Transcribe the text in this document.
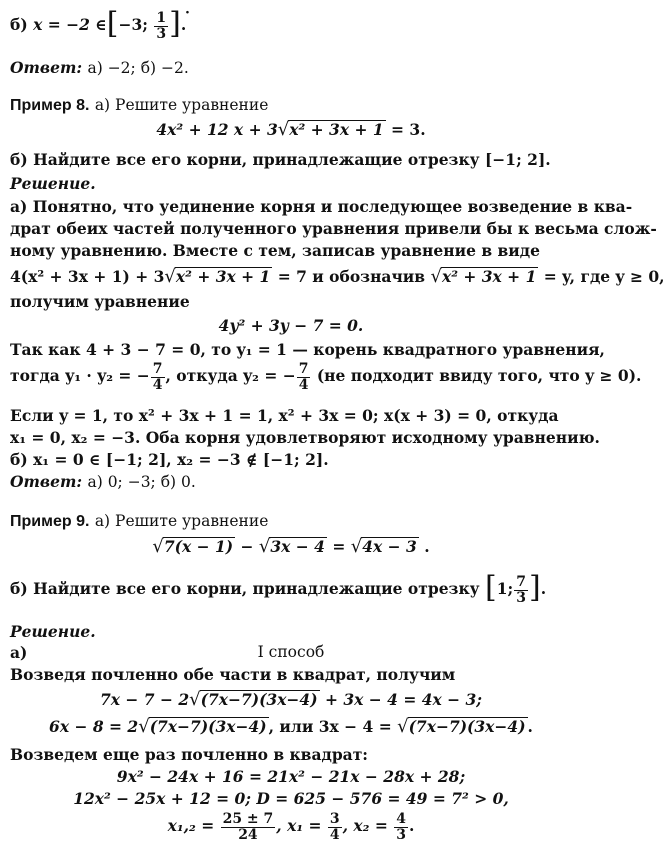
б) x = −2 ∈[−3; $\frac{1}{3}$ ].
·
Ответ: а) −2; б) −2.
Пример 8. а) Решите уравнение
4x² + 12 x + 3√x² + 3x + 1 = 3.
б) Найдите все его корни, принадлежащие отрезку [−1; 2].
Решение.
а) Понятно, что уединение корня и последующее возведение в ква-
драт обеих частей полученного уравнения привели бы к весьма слож-
ному уравнению. Вместе с тем, записав уравнение в виде
4(x² + 3x + 1) + 3√x² + 3x + 1 = 7 и обозначив √x² + 3x + 1 = y, где y ≥ 0,
получим уравнение
4y² + 3y − 7 = 0.
Так как 4 + 3 − 7 = 0, то y₁ = 1 — корень квадратного уравнения,
тогда y₁ · y₂ = − $\frac{7}{4}$ , откуда y₂ = − $\frac{7}{4} (не$ подходит ввиду того, что y ≥ 0).
Если y = 1, то x² + 3x + 1 = 1, x² + 3x = 0; x(x + 3) = 0, откуда
x₁ = 0, x₂ = −3. Оба корня удовлетворяют исходному уравнению.
б) x₁ = 0 ∈ [−1; 2], x₂ = −3 ∉ [−1; 2].
Ответ: а) 0; −3; б) 0.
Пример 9. а) Решите уравнение
√7(x − 1) − √3x − 4 = √4x − 3 .
б) Найдите все его корни, принадлежащие отрезку [1; $\frac{7}{3}$ ].
Решение.
а)	I способ
Возведя почленно обе части в квадрат, получим
7x − 7 − 2√(7x−7)(3x−4) + 3x − 4 = 4x − 3;
6x − 8 = 2√(7x−7)(3x−4) , или 3x − 4 = √(7x−7)(3x−4) .
Возведем еще раз почленно в квадрат:
9x² − 24x + 16 = 21x² − 21x − 28x + 28;
12x² − 25x + 12 = 0; D = 625 − 576 = 49 = 7² > 0,
$x_1,_2 = \frac{25 \pm 7}{24}$ , $x_1 = \frac{3}{4}$ , $x_2 = \frac{4}{3}$ .
